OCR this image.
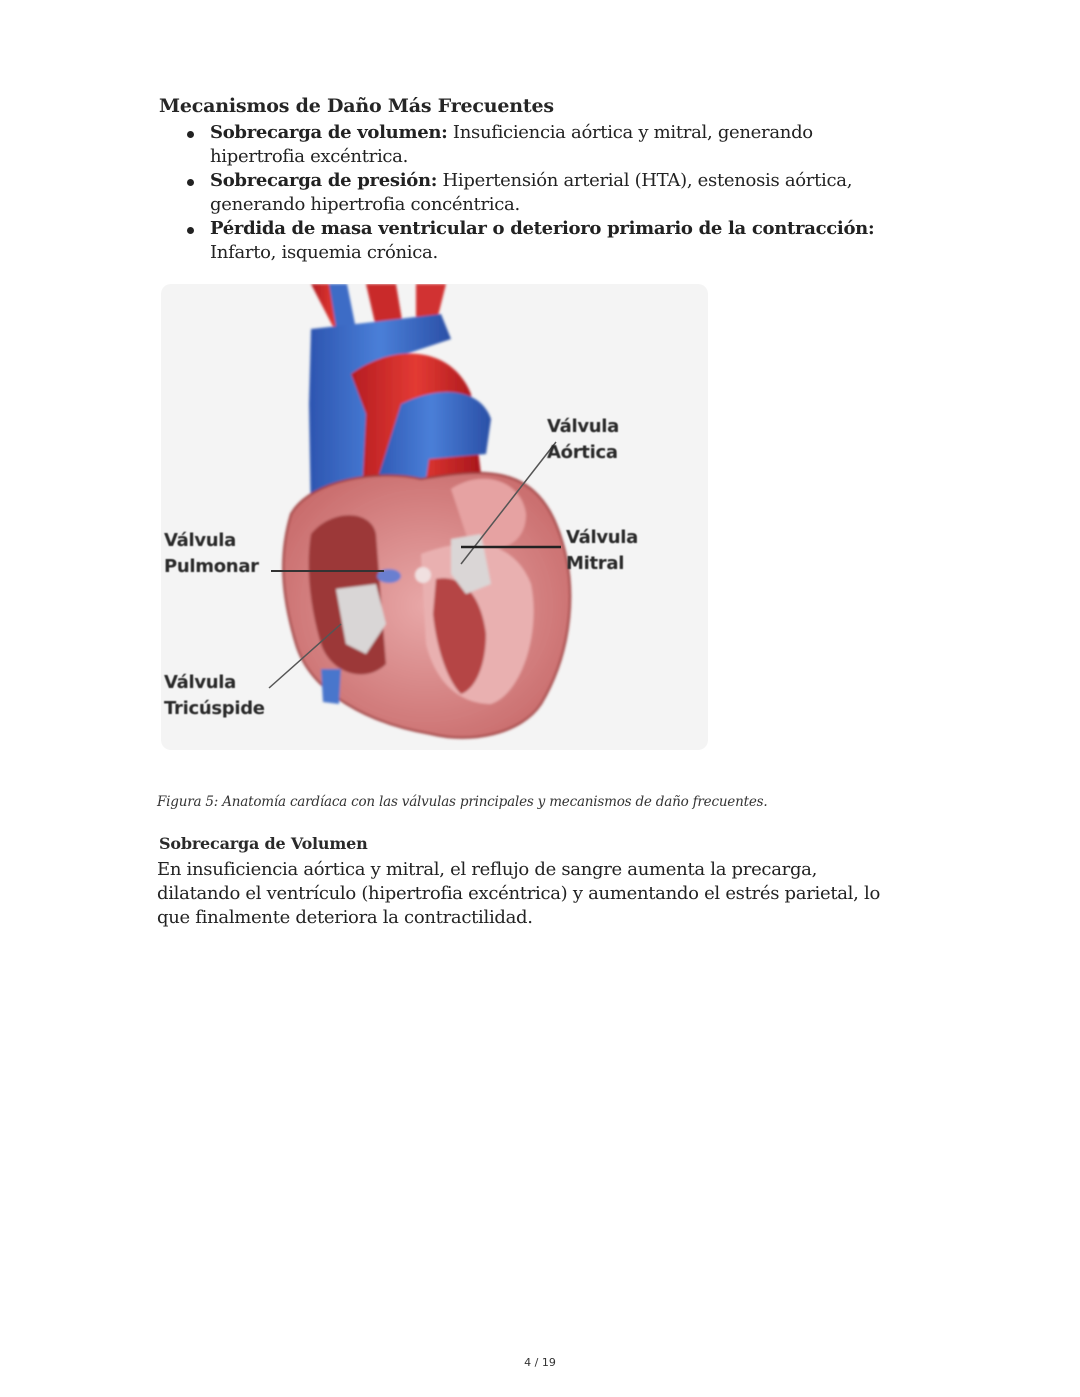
Mecanismos de Daño Más Frecuentes
Sobrecarga de volumen: Insuficiencia aórtica y mitral, generando hipertrofia excéntrica.
Sobrecarga de presión: Hipertensión arterial (HTA), estenosis aórtica, generando hipertrofia concéntrica.
Pérdida de masa ventricular o deterioro primario de la contracción: Infarto, isquemia crónica.
Válvula
Aórtica
Válvula
Mitral
Válvula
Pulmonar
Válvula
Tricúspide

Figura 5: Anatomía cardíaca con las válvulas principales y mecanismos de daño frecuentes.

Sobrecarga de Volumen

En insuficiencia aórtica y mitral, el reflujo de sangre aumenta la precarga, dilatando el ventrículo (hipertrofia excéntrica) y aumentando el estrés parietal, lo que finalmente deteriora la contractilidad.

4 / 19
